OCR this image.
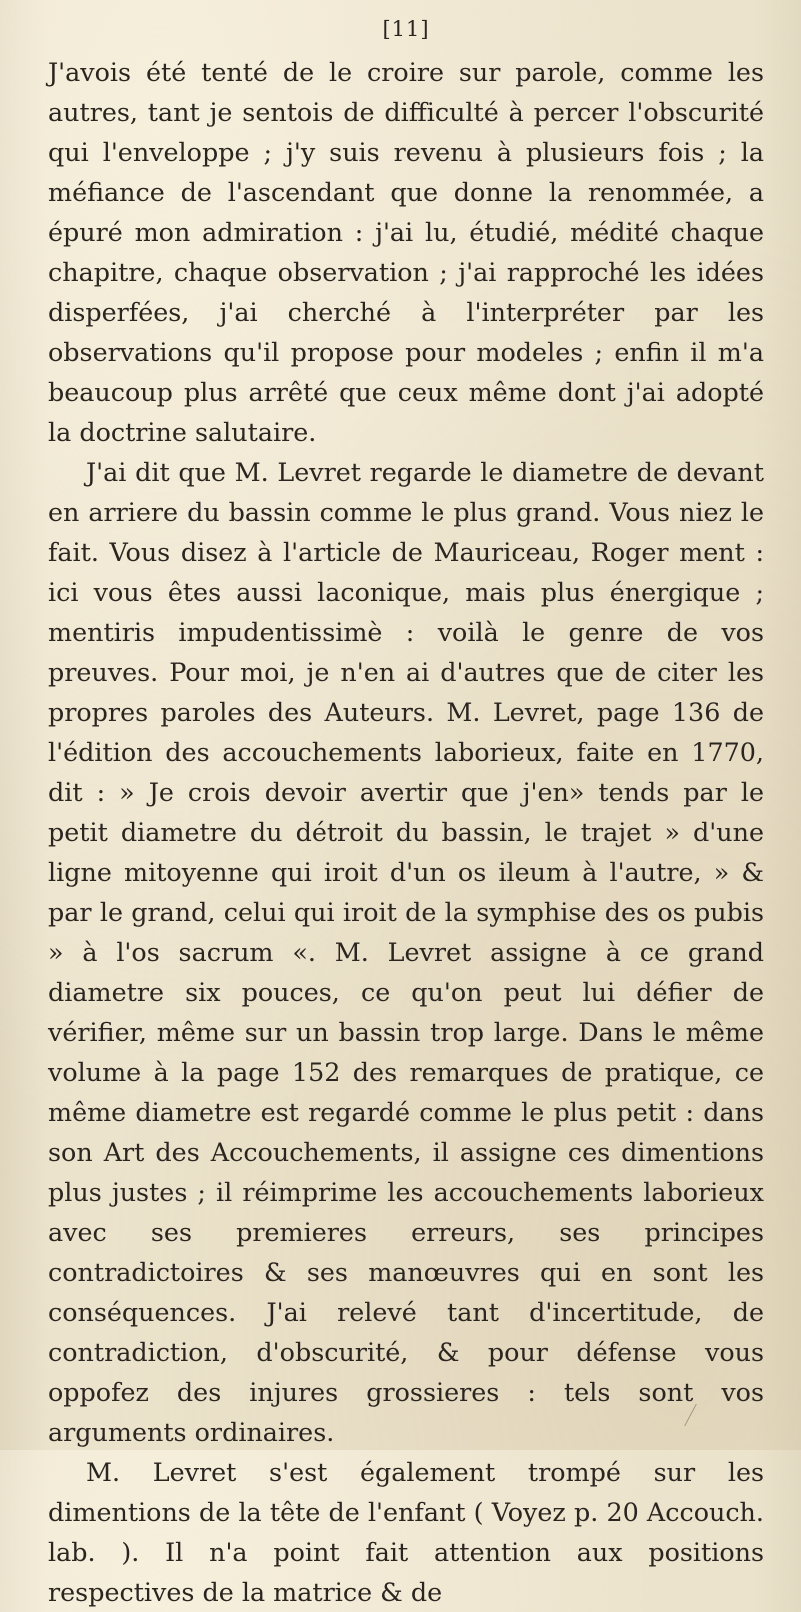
[11]

J'avois été tenté de le croire sur parole, comme les autres, tant je sentois de difficulté à percer l'obscurité qui l'enveloppe ; j'y suis revenu à plusieurs fois ; la méfiance de l'ascendant que donne la renommée, a épuré mon admiration : j'ai lu, étudié, médité chaque chapitre, chaque observation ; j'ai rapproché les idées disperfées, j'ai cherché à l'interpréter par les observations qu'il propose pour modeles ; enfin il m'a beaucoup plus arrêté que ceux même dont j'ai adopté la doctrine salutaire.

J'ai dit que M. Levret regarde le diametre de devant en arriere du bassin comme le plus grand. Vous niez le fait. Vous disez à l'article de Mauriceau, Roger ment : ici vous êtes aussi laconique, mais plus énergique ; mentiris impudentissimè : voilà le genre de vos preuves. Pour moi, je n'en ai d'autres que de citer les propres paroles des Auteurs. M. Levret, page 136 de l'édition des accouchements laborieux, faite en 1770, dit : » Je crois devoir avertir que j'en» tends par le petit diametre du détroit du bassin, le trajet » d'une ligne mitoyenne qui iroit d'un os ileum à l'autre, » & par le grand, celui qui iroit de la symphise des os pubis » à l'os sacrum «. M. Levret assigne à ce grand diametre six pouces, ce qu'on peut lui défier de vérifier, même sur un bassin trop large. Dans le même volume à la page 152 des remarques de pratique, ce même diametre est regardé comme le plus petit : dans son Art des Accouchements, il assigne ces dimentions plus justes ; il réimprime les accouchements laborieux avec ses premieres erreurs, ses principes contradictoires & ses manœuvres qui en sont les conséquences. J'ai relevé tant d'incertitude, de contradiction, d'obscurité, & pour défense vous oppofez des injures grossieres : tels sont vos arguments ordinaires.

M. Levret s'est également trompé sur les dimentions de la tête de l'enfant ( Voyez p. 20 Accouch. lab. ). Il n'a point fait attention aux positions respectives de la matrice & de
